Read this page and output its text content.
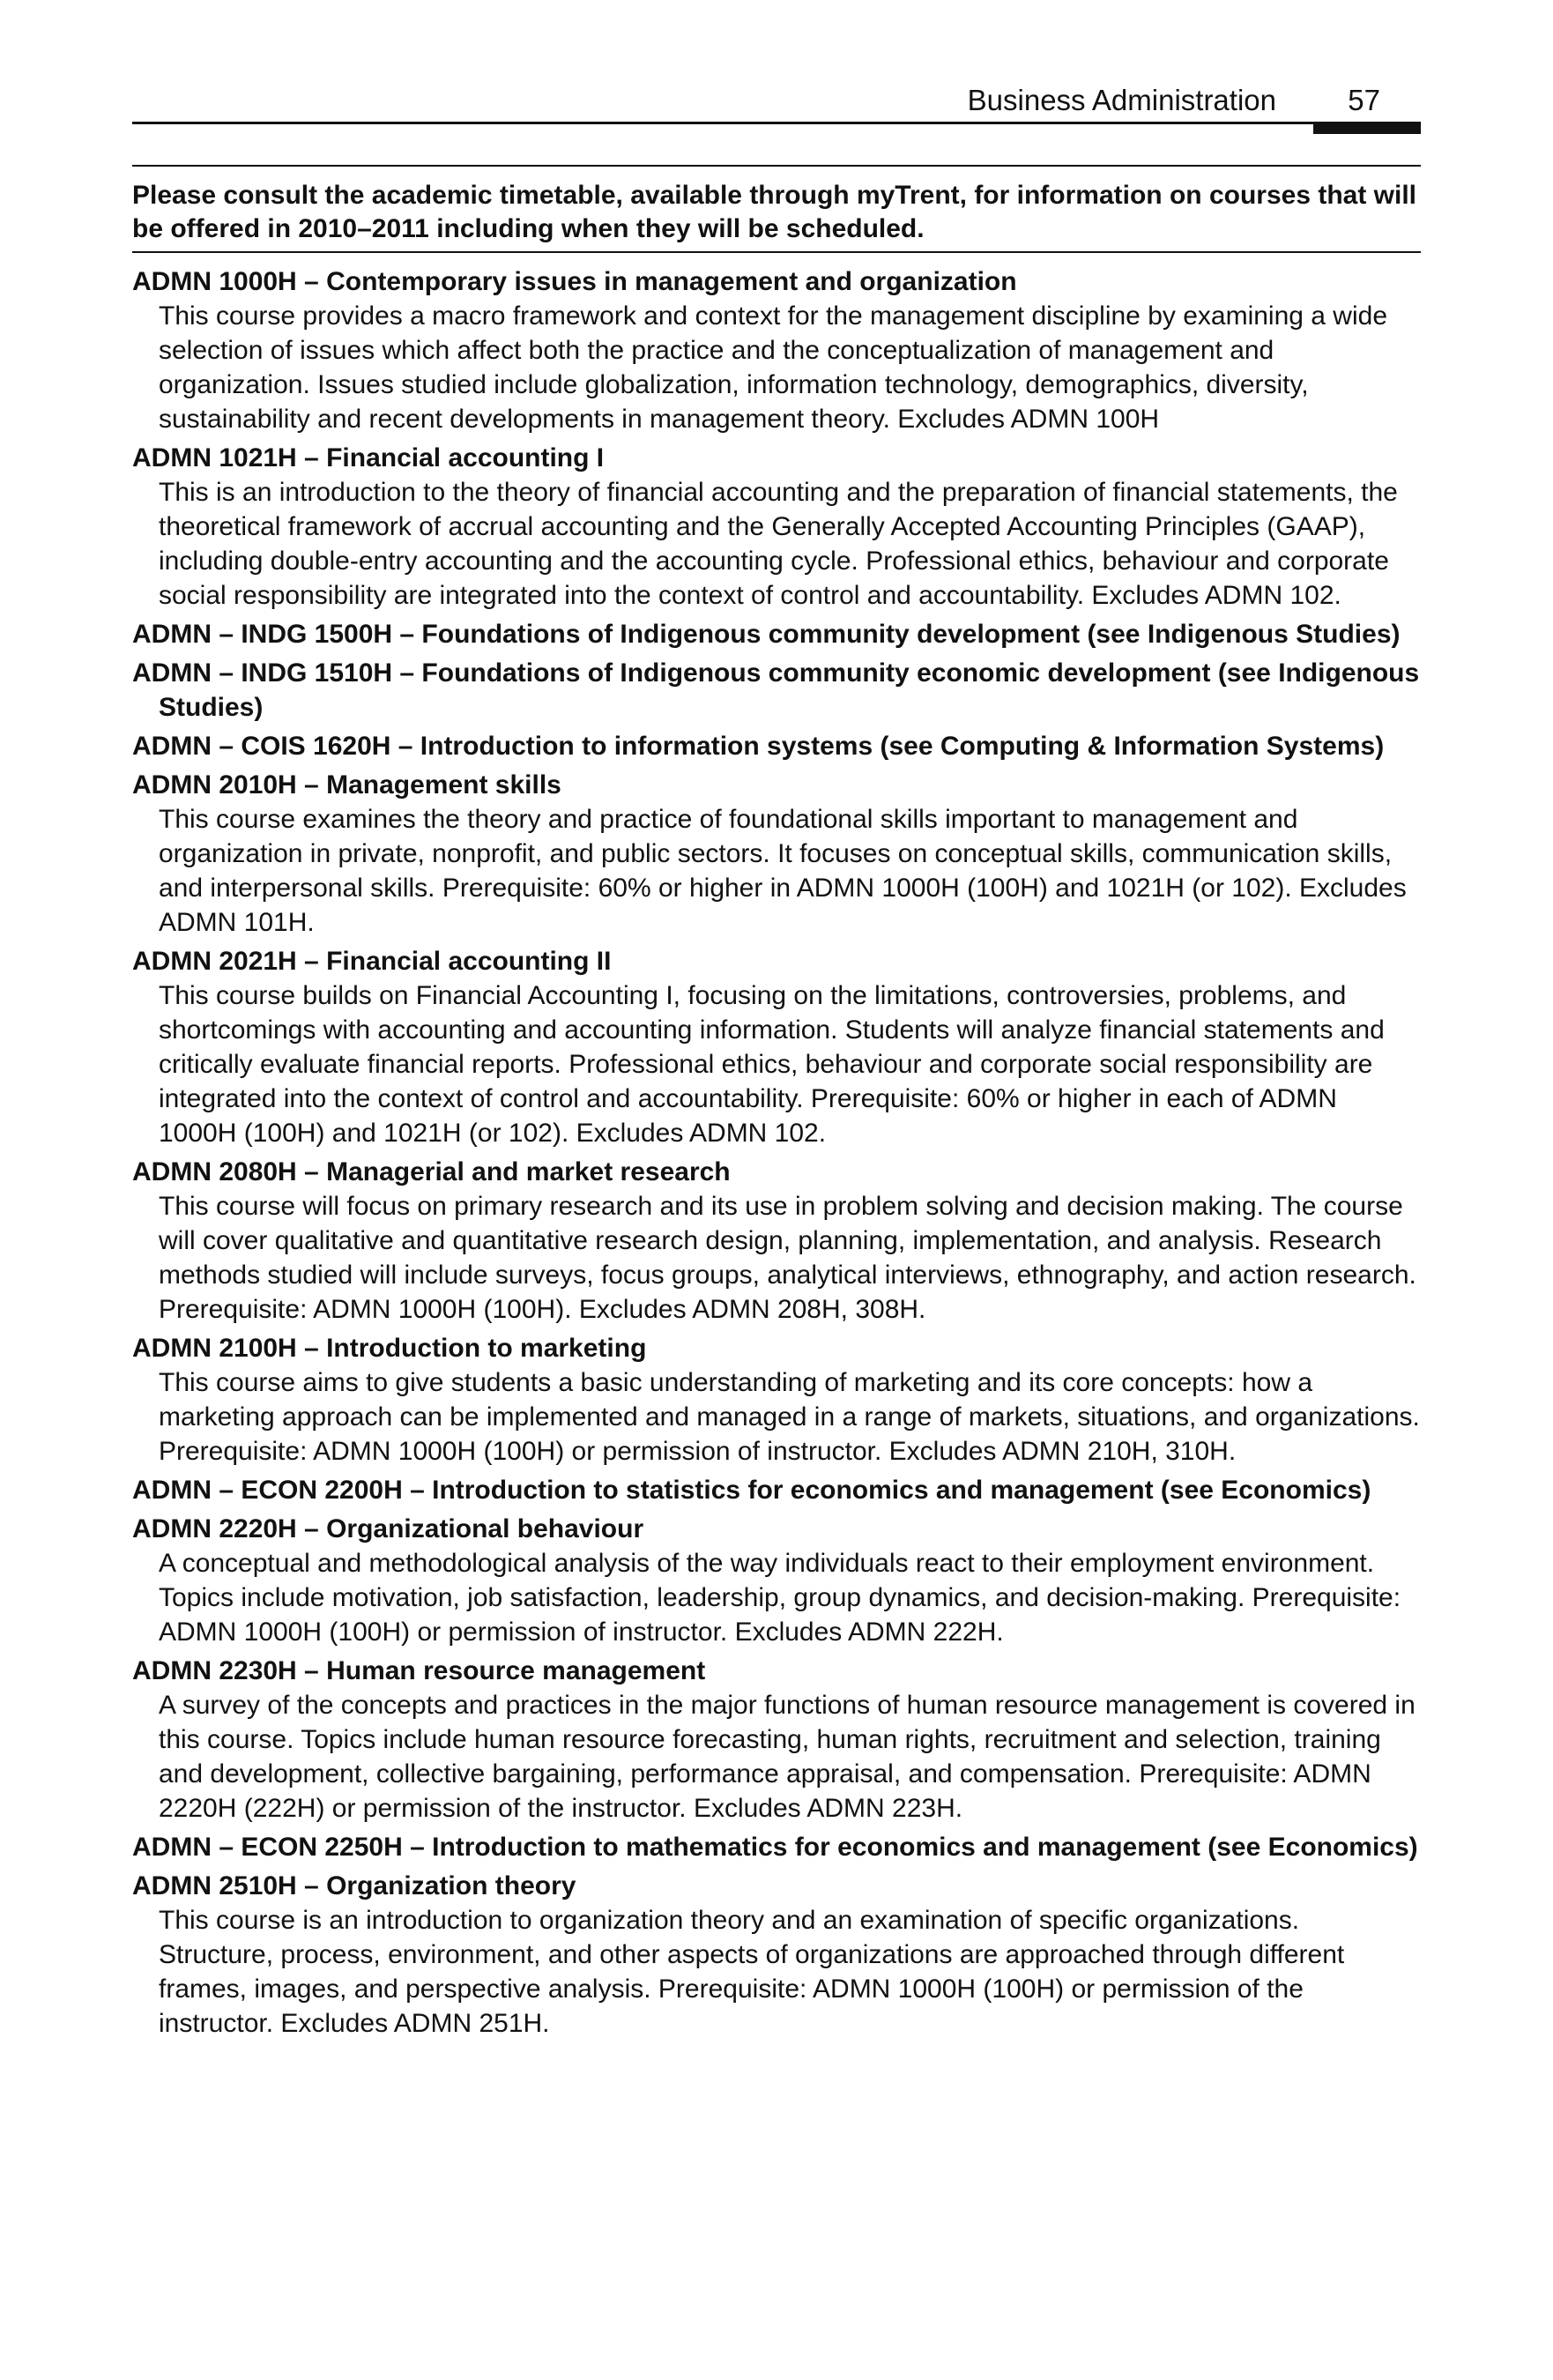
Business Administration 57
Please consult the academic timetable, available through myTrent, for information on courses that will be offered in 2010–2011 including when they will be scheduled.
ADMN 1000H – Contemporary issues in management and organization
This course provides a macro framework and context for the management discipline by examining a wide selection of issues which affect both the practice and the conceptualization of management and organization. Issues studied include globalization, information technology, demographics, diversity, sustainability and recent developments in management theory. Excludes ADMN 100H
ADMN 1021H – Financial accounting I
This is an introduction to the theory of financial accounting and the preparation of financial statements, the theoretical framework of accrual accounting and the Generally Accepted Accounting Principles (GAAP), including double-entry accounting and the accounting cycle. Professional ethics, behaviour and corporate social responsibility are integrated into the context of control and accountability. Excludes ADMN 102.
ADMN – INDG 1500H – Foundations of Indigenous community development (see Indigenous Studies)
ADMN – INDG 1510H – Foundations of Indigenous community economic development (see Indigenous Studies)
ADMN – COIS 1620H – Introduction to information systems (see Computing & Information Systems)
ADMN 2010H – Management skills
This course examines the theory and practice of foundational skills important to management and organization in private, nonprofit, and public sectors. It focuses on conceptual skills, communication skills, and interpersonal skills. Prerequisite: 60% or higher in ADMN 1000H (100H) and 1021H (or 102). Excludes ADMN 101H.
ADMN 2021H – Financial accounting II
This course builds on Financial Accounting I, focusing on the limitations, controversies, problems, and shortcomings with accounting and accounting information. Students will analyze financial statements and critically evaluate financial reports. Professional ethics, behaviour and corporate social responsibility are integrated into the context of control and accountability. Prerequisite: 60% or higher in each of ADMN 1000H (100H) and 1021H (or 102). Excludes ADMN 102.
ADMN 2080H – Managerial and market research
This course will focus on primary research and its use in problem solving and decision making. The course will cover qualitative and quantitative research design, planning, implementation, and analysis. Research methods studied will include surveys, focus groups, analytical interviews, ethnography, and action research. Prerequisite: ADMN 1000H (100H). Excludes ADMN 208H, 308H.
ADMN 2100H – Introduction to marketing
This course aims to give students a basic understanding of marketing and its core concepts: how a marketing approach can be implemented and managed in a range of markets, situations, and organizations. Prerequisite: ADMN 1000H (100H) or permission of instructor. Excludes ADMN 210H, 310H.
ADMN – ECON 2200H – Introduction to statistics for economics and management (see Economics)
ADMN 2220H – Organizational behaviour
A conceptual and methodological analysis of the way individuals react to their employment environment. Topics include motivation, job satisfaction, leadership, group dynamics, and decision-making. Prerequisite: ADMN 1000H (100H) or permission of instructor. Excludes ADMN 222H.
ADMN 2230H – Human resource management
A survey of the concepts and practices in the major functions of human resource management is covered in this course. Topics include human resource forecasting, human rights, recruitment and selection, training and development, collective bargaining, performance appraisal, and compensation. Prerequisite: ADMN 2220H (222H) or permission of the instructor. Excludes ADMN 223H.
ADMN – ECON 2250H – Introduction to mathematics for economics and management (see Economics)
ADMN 2510H – Organization theory
This course is an introduction to organization theory and an examination of specific organizations. Structure, process, environment, and other aspects of organizations are approached through different frames, images, and perspective analysis. Prerequisite: ADMN 1000H (100H) or permission of the instructor. Excludes ADMN 251H.
